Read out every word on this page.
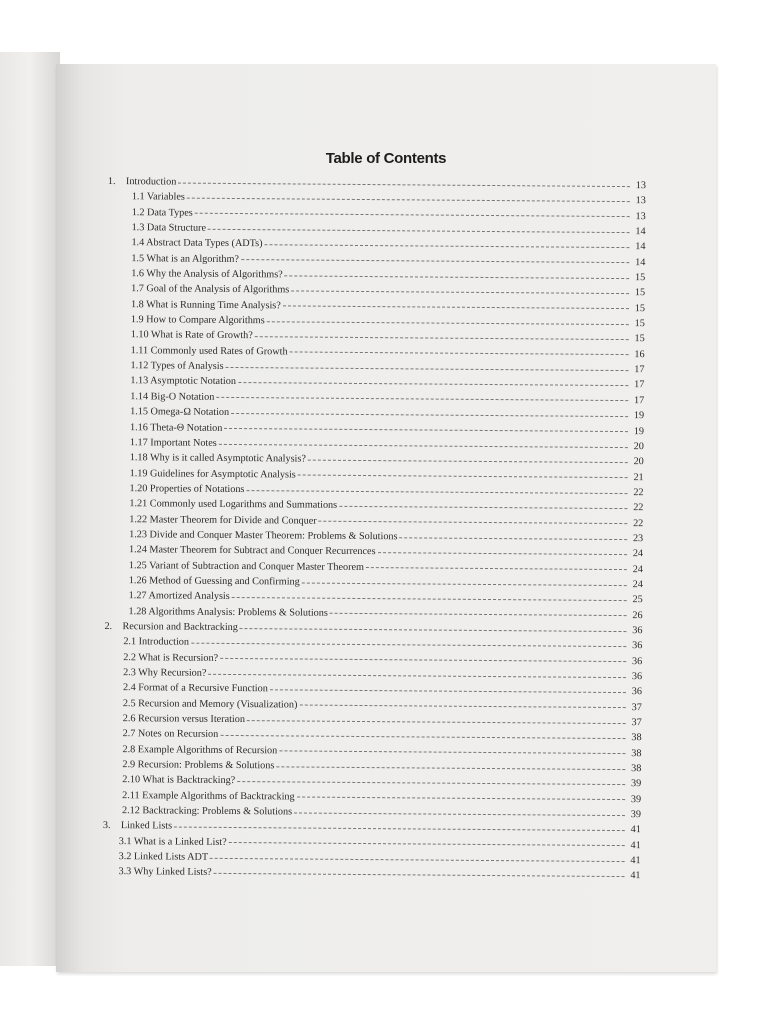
Table of Contents
1.	Introduction	13
1.1 Variables	13
1.2 Data Types	13
1.3 Data Structure	14
1.4 Abstract Data Types (ADTs)	14
1.5 What is an Algorithm?	14
1.6 Why the Analysis of Algorithms?	15
1.7 Goal of the Analysis of Algorithms	15
1.8 What is Running Time Analysis?	15
1.9 How to Compare Algorithms	15
1.10 What is Rate of Growth?	15
1.11 Commonly used Rates of Growth	16
1.12 Types of Analysis	17
1.13 Asymptotic Notation	17
1.14 Big-O Notation	17
1.15 Omega-Ω Notation	19
1.16 Theta-Θ Notation	19
1.17 Important Notes	20
1.18 Why is it called Asymptotic Analysis?	20
1.19 Guidelines for Asymptotic Analysis	21
1.20 Properties of Notations	22
1.21 Commonly used Logarithms and Summations	22
1.22 Master Theorem for Divide and Conquer	22
1.23 Divide and Conquer Master Theorem: Problems & Solutions	23
1.24 Master Theorem for Subtract and Conquer Recurrences	24
1.25 Variant of Subtraction and Conquer Master Theorem	24
1.26 Method of Guessing and Confirming	24
1.27 Amortized Analysis	25
1.28 Algorithms Analysis: Problems & Solutions	26
2.	Recursion and Backtracking	36
2.1 Introduction	36
2.2 What is Recursion?	36
2.3 Why Recursion?	36
2.4 Format of a Recursive Function	36
2.5 Recursion and Memory (Visualization)	37
2.6 Recursion versus Iteration	37
2.7 Notes on Recursion	38
2.8 Example Algorithms of Recursion	38
2.9 Recursion: Problems & Solutions	38
2.10 What is Backtracking?	39
2.11 Example Algorithms of Backtracking	39
2.12 Backtracking: Problems & Solutions	39
3.	Linked Lists	41
3.1 What is a Linked List?	41
3.2 Linked Lists ADT	41
3.3 Why Linked Lists?	41
